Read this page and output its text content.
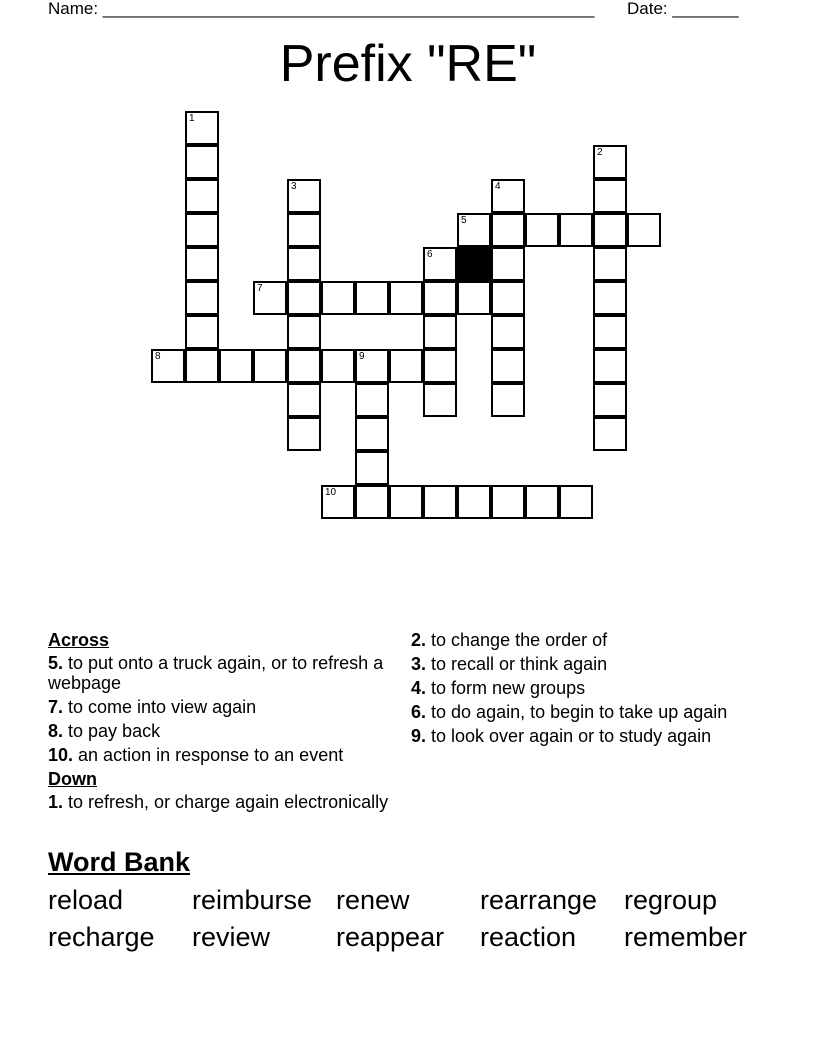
Name: ____________________________________________________ Date: _______
Prefix "RE"
1
2
3	4
5
6
7
8	9
10
Across
5. to put onto a truck again, or to refresh a webpage
7. to come into view again
8. to pay back
10. an action in response to an event
Down
1. to refresh, or charge again electronically
2. to change the order of
3. to recall or think again
4. to form new groups
6. to do again, to begin to take up again
9. to look over again or to study again
Word Bank
reload	reimburse renew	rearrange regroup
recharge review reappear reaction remember
